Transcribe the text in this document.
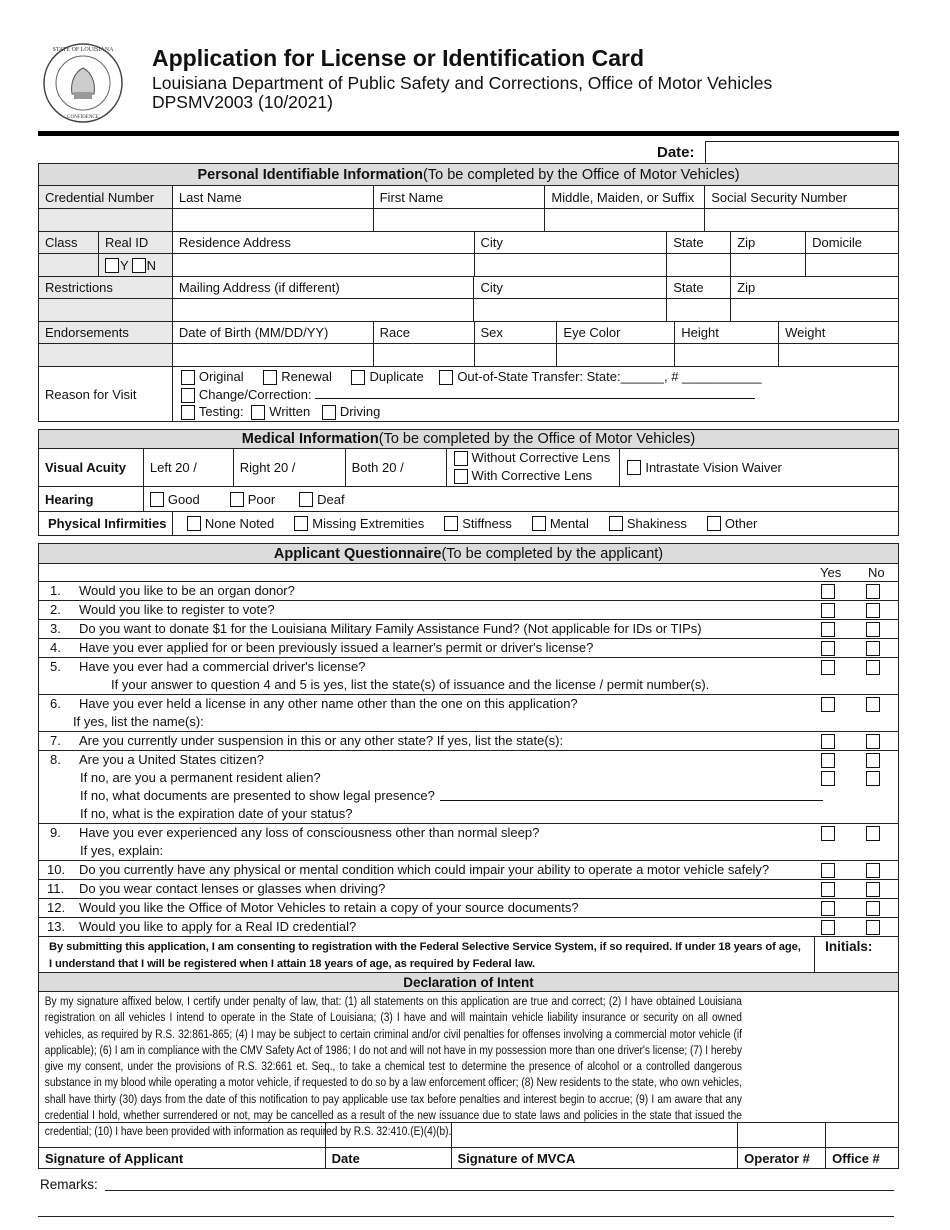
STATE OF LOUISIANA
CONFIDENCE
Application for License or Identification Card
Louisiana Department of Public Safety and Corrections, Office of Motor Vehicles
DPSMV2003 (10/2021)
Date:
Personal Identifiable Information (To be completed by the Office of Motor Vehicles)
Credential Number	Last Name	First Name	Middle, Maiden, or Suffix	Social Security Number
Class	Real ID	Residence Address	City	State	Zip	Domicile
Y N
Restrictions	Mailing Address (if different)	City	State	Zip
Endorsements	Date of Birth (MM/DD/YY)	Race	Sex	Eye Color	Height	Weight
Reason for Visit
Original	Renewal	Duplicate	Out-of-State Transfer: State:______, # ___________
Change/Correction:
Testing: Written Driving
Medical Information (To be completed by the Office of Motor Vehicles)
Visual Acuity	Left 20 /	Right 20 /	Both 20 /
Without Corrective Lens
With Corrective Lens
Intrastate Vision Waiver
Hearing	Good	Poor	Deaf
Physical Infirmities	None Noted	Missing Extremities	Stiffness	Mental	Shakiness	Other
Applicant Questionnaire (To be completed by the applicant)
Yes No
1.	Would you like to be an organ donor?
2.	Would you like to register to vote?
3.	Do you want to donate $1 for the Louisiana Military Family Assistance Fund? (Not applicable for IDs or TIPs)
4.	Have you ever applied for or been previously issued a learner's permit or driver's license?
5.	Have you ever had a commercial driver's license?
If your answer to question 4 and 5 is yes, list the state(s) of issuance and the license / permit number(s).
6.	Have you ever held a license in any other name other than the one on this application?
If yes, list the name(s):
7.	Are you currently under suspension in this or any other state? If yes, list the state(s):
8.	Are you a United States citizen?
If no, are you a permanent resident alien?
If no, what documents are presented to show legal presence?
If no, what is the expiration date of your status?
9.	Have you ever experienced any loss of consciousness other than normal sleep?
If yes, explain:
10.	Do you currently have any physical or mental condition which could impair your ability to operate a motor vehicle safely?
11.	Do you wear contact lenses or glasses when driving?
12.	Would you like the Office of Motor Vehicles to retain a copy of your source documents?
13.	Would you like to apply for a Real ID credential?
By submitting this application, I am consenting to registration with the Federal Selective Service System, if so required. If under 18 years of age, I understand that I will be registered when I attain 18 years of age, as required by Federal law.
Initials:
Declaration of Intent
By my signature affixed below, I certify under penalty of law, that: (1) all statements on this application are true and correct; (2) I have obtained Louisiana registration on all vehicles I intend to operate in the State of Louisiana; (3) I have and will maintain vehicle liability insurance or security on all owned vehicles, as required by R.S. 32:861-865; (4) I may be subject to certain criminal and/or civil penalties for offenses involving a commercial motor vehicle (if applicable); (6) I am in compliance with the CMV Safety Act of 1986; I do not and will not have in my possession more than one driver's license; (7) I hereby give my consent, under the provisions of R.S. 32:661 et. Seq., to take a chemical test to determine the presence of alcohol or a controlled dangerous substance in my blood while operating a motor vehicle, if requested to do so by a law enforcement officer; (8) New residents to the state, who own vehicles, shall have thirty (30) days from the date of this notification to pay applicable use tax before penalties and interest begin to accrue; (9) I am aware that any credential I hold, whether surrendered or not, may be cancelled as a result of the new issuance due to state laws and policies in the state that issued the credential; (10) I have been provided with information as required by R.S. 32:410.(E)(4)(b).
Signature of Applicant	Date	Signature of MVCA	Operator #	Office #
Remarks:
